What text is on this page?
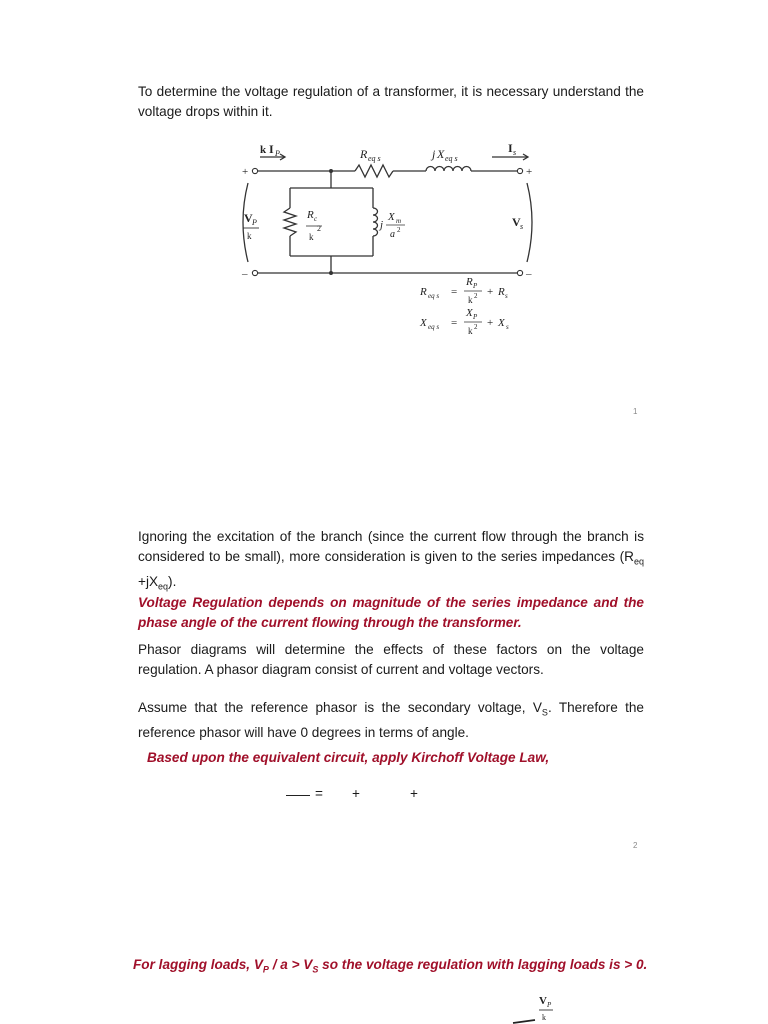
To determine the voltage regulation of a transformer, it is necessary understand the voltage drops within it.

+
–
+
–
k I P	R eq s	j X eq s
I s
V P
k
R c
2
k
j
X m
a 2
V s
R eq s =
R P
k 2 + R s
X eq s =
X P
k 2 + X s
1

Ignoring the excitation of the branch (since the current flow through the branch is considered to be small), more consideration is given to the series impedances $(R_{eq} +jX_{eq})$.

Voltage Regulation depends on magnitude of the series impedance and the phase angle of the current flowing through the transformer.

Phasor diagrams will determine the effects of these factors on the voltage regulation. A phasor diagram consist of current and voltage vectors.

Assume that the reference phasor is the secondary voltage, $V_S$. Therefore the reference phasor will have 0 degrees in terms of angle.

Based upon the equivalent circuit, apply Kirchoff Voltage Law,

= +	+
2

For lagging loads, $V_P / a > V_S$ so the voltage regulation with lagging loads is > 0.

V P
k
